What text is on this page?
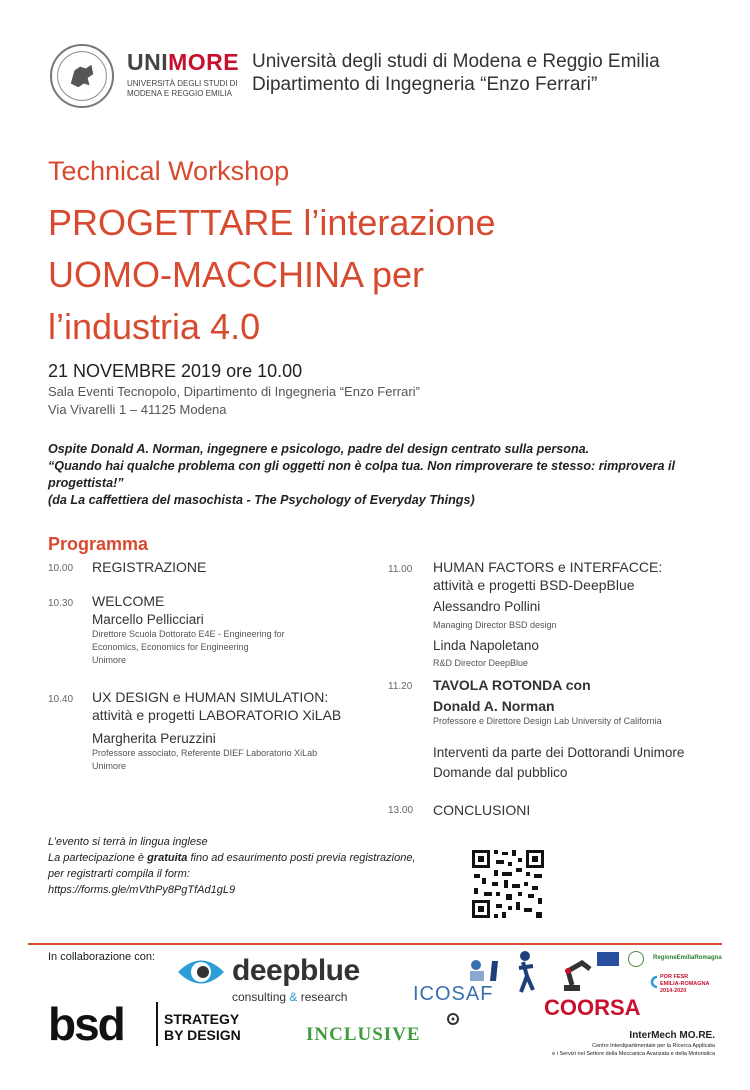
UNIMORE
UNIVERSITÀ DEGLI STUDI DI
MODENA E REGGIO EMILIA
Università degli studi di Modena e Reggio Emilia
Dipartimento di Ingegneria “Enzo Ferrari”
Technical Workshop
PROGETTARE l’interazione
UOMO-MACCHINA per
l’industria 4.0
21 NOVEMBRE 2019 ore 10.00
Sala Eventi Tecnopolo, Dipartimento di Ingegneria “Enzo Ferrari”
Via Vivarelli 1 – 41125 Modena
Ospite Donald A. Norman, ingegnere e psicologo, padre del design centrato sulla persona.
“Quando hai qualche problema con gli oggetti non è colpa tua. Non rimproverare te stesso: rimprovera il progettista!”
(da La caffettiera del masochista - The Psychology of Everyday Things)
Programma
10.00 REGISTRAZIONE
10.30 WELCOME
Marcello Pellicciari
Direttore Scuola Dottorato E4E - Engineering for
Economics, Economics for Engineering
Unimore
10.40 UX DESIGN e HUMAN SIMULATION:
attività e progetti LABORATORIO XiLAB
Margherita Peruzzini
Professore associato, Referente DIEF Laboratorio XiLab
Unimore
11.00 HUMAN FACTORS e INTERFACCE:
attività e progetti BSD-DeepBlue
Alessandro Pollini
Managing Director BSD design
Linda Napoletano
R&D Director DeepBlue
11.20 TAVOLA ROTONDA con
Donald A. Norman
Professore e Direttore Design Lab University of California
Interventi da parte dei Dottorandi Unimore
Domande dal pubblico
13.00 CONCLUSIONI
L’evento si terrà in lingua inglese
La partecipazione è gratuita fino ad esaurimento posti previa registrazione,
per registrarti compila il form:
https://forms.gle/mVthPy8PgTfAd1gL9
In collaborazione con:	deepblue
consulting & research
bsd	STRATEGY
BY DESIGN
ICOSAF
COORSA
INCLUSIVE
RegioneEmiliaRomagna
POR FESR
EMILIA-ROMAGNA
2014-2020
InterMech MO.RE.
Centro Interdipartimentale per la Ricerca Applicata
e i Servizi nel Settore della Meccanica Avanzata e della Motoristica
